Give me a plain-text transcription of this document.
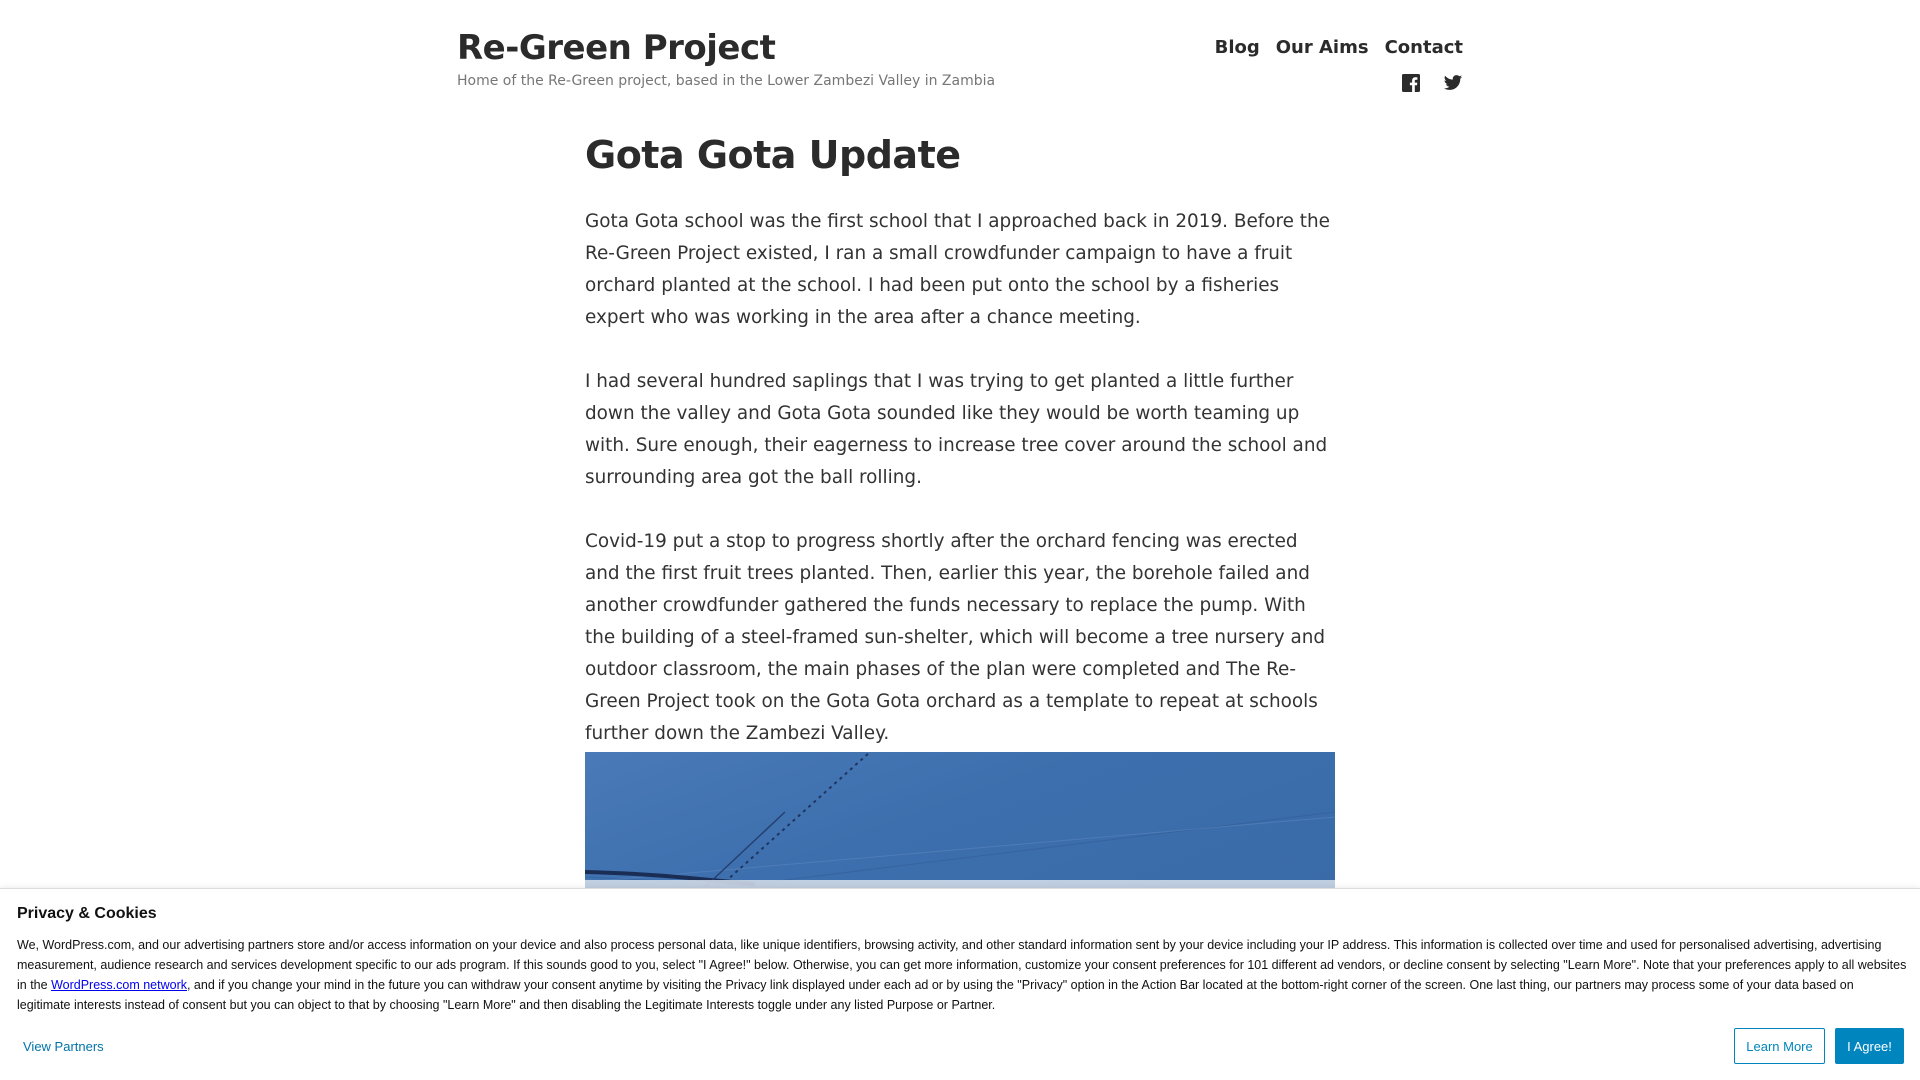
Re-Green Project

Home of the Re-Green project, based in the Lower Zambezi Valley in Zambia

Blog Our Aims Contact
Gota Gota Update

Gota Gota school was the first school that I approached back in 2019. Before the Re-Green Project existed, I ran a small crowdfunder campaign to have a fruit orchard planted at the school. I had been put onto the school by a fisheries expert who was working in the area after a chance meeting.

I had several hundred saplings that I was trying to get planted a little further down the valley and Gota Gota sounded like they would be worth teaming up with. Sure enough, their eagerness to increase tree cover around the school and surrounding area got the ball rolling.

Covid-19 put a stop to progress shortly after the orchard fencing was erected and the first fruit trees planted. Then, earlier this year, the borehole failed and another crowdfunder gathered the funds necessary to replace the pump. With the building of a steel-framed sun-shelter, which will become a tree nursery and outdoor classroom, the main phases of the plan were completed and The Re-Green Project took on the Gota Gota orchard as a template to repeat at schools further down the Zambezi Valley.

Privacy & Cookies

We, WordPress.com, and our advertising partners store and/or access information on your device and also process personal data, like unique identifiers, browsing activity, and other standard information sent by your device including your IP address. This information is collected over time and used for personalised advertising, advertising measurement, audience research and services development specific to our ads program. If this sounds good to you, select "I Agree!" below. Otherwise, you can get more information, customize your consent preferences for 101 different ad vendors, or decline consent by selecting "Learn More". Note that your preferences apply to all websites in the WordPress.com network, and if you change your mind in the future you can withdraw your consent anytime by visiting the Privacy link displayed under each ad or by using the "Privacy" option in the Action Bar located at the bottom-right corner of the screen. One last thing, our partners may process some of your data based on legitimate interests instead of consent but you can object to that by choosing "Learn More" and then disabling the Legitimate Interests toggle under any listed Purpose or Partner.

View Partners	Learn More	I Agree!
